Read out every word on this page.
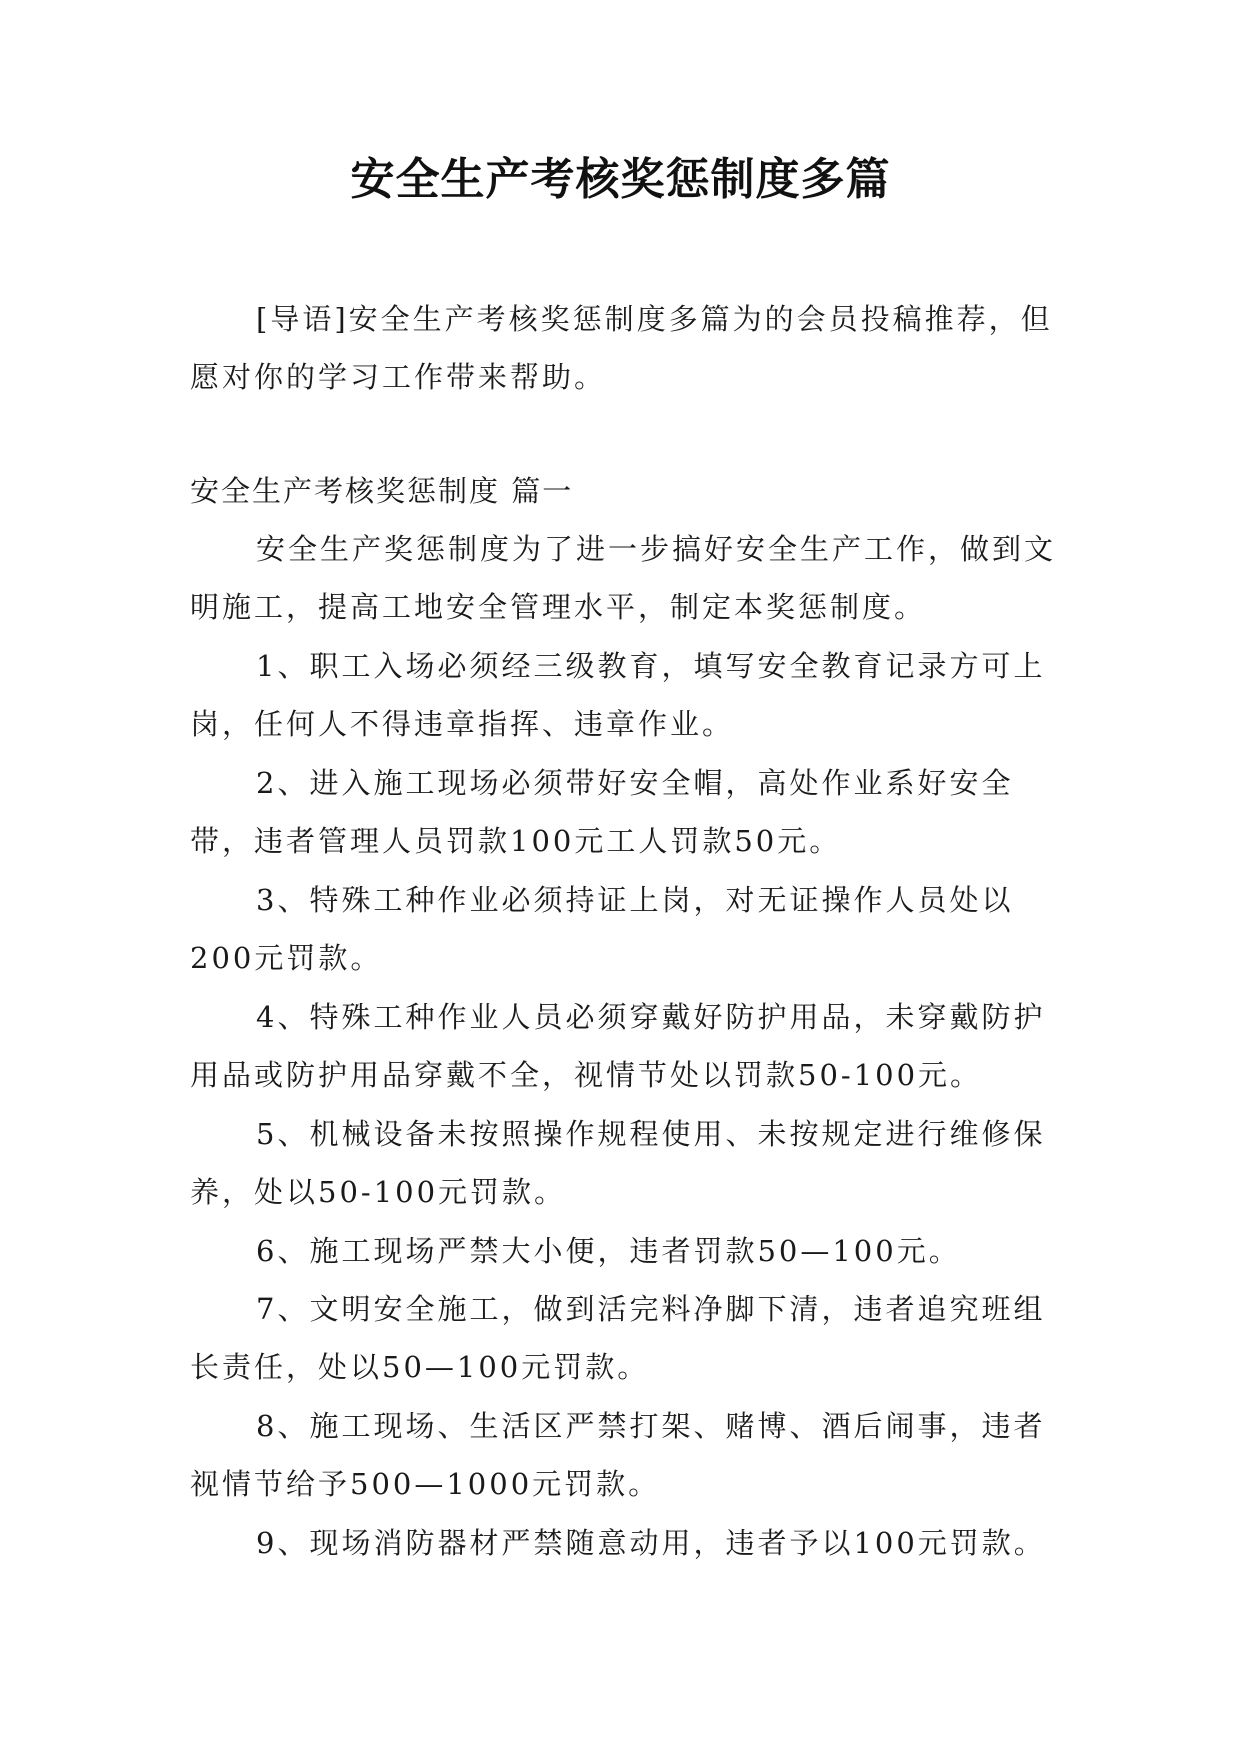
安全生产考核奖惩制度多篇

[导语]安全生产考核奖惩制度多篇为的会员投稿推荐，但愿对你的学习工作带来帮助。

安全生产考核奖惩制度 篇一

安全生产奖惩制度为了进一步搞好安全生产工作，做到文明施工，提高工地安全管理水平，制定本奖惩制度。

1、职工入场必须经三级教育，填写安全教育记录方可上岗，任何人不得违章指挥、违章作业。

2、进入施工现场必须带好安全帽，高处作业系好安全带，违者管理人员罚款100元工人罚款50元。

3、特殊工种作业必须持证上岗，对无证操作人员处以200元罚款。

4、特殊工种作业人员必须穿戴好防护用品，未穿戴防护用品或防护用品穿戴不全，视情节处以罚款50-100元。

5、机械设备未按照操作规程使用、未按规定进行维修保养，处以50-100元罚款。

6、施工现场严禁大小便，违者罚款50—100元。

7、文明安全施工，做到活完料净脚下清，违者追究班组长责任，处以50—100元罚款。

8、施工现场、生活区严禁打架、赌博、酒后闹事，违者视情节给予500—1000元罚款。

9、现场消防器材严禁随意动用，违者予以100元罚款。
